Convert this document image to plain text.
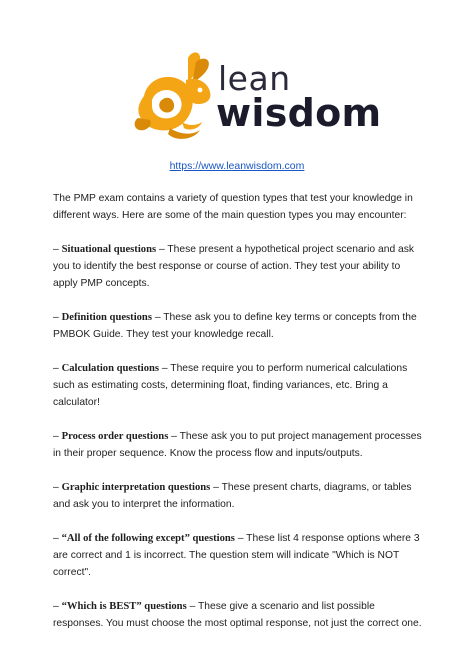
lean
wisdom
https://www.leanwisdom.com

The PMP exam contains a variety of question types that test your knowledge in different ways. Here are some of the main question types you may encounter:

– Situational questions – These present a hypothetical project scenario and ask you to identify the best response or course of action. They test your ability to apply PMP concepts.

– Definition questions – These ask you to define key terms or concepts from the PMBOK Guide. They test your knowledge recall.

– Calculation questions – These require you to perform numerical calculations such as estimating costs, determining float, finding variances, etc. Bring a calculator!

– Process order questions – These ask you to put project management processes in their proper sequence. Know the process flow and inputs/outputs.

– Graphic interpretation questions – These present charts, diagrams, or tables and ask you to interpret the information.

– “All of the following except” questions – These list 4 response options where 3 are correct and 1 is incorrect. The question stem will indicate "Which is NOT correct".

– “Which is BEST” questions – These give a scenario and list possible responses. You must choose the most optimal response, not just the correct one.
